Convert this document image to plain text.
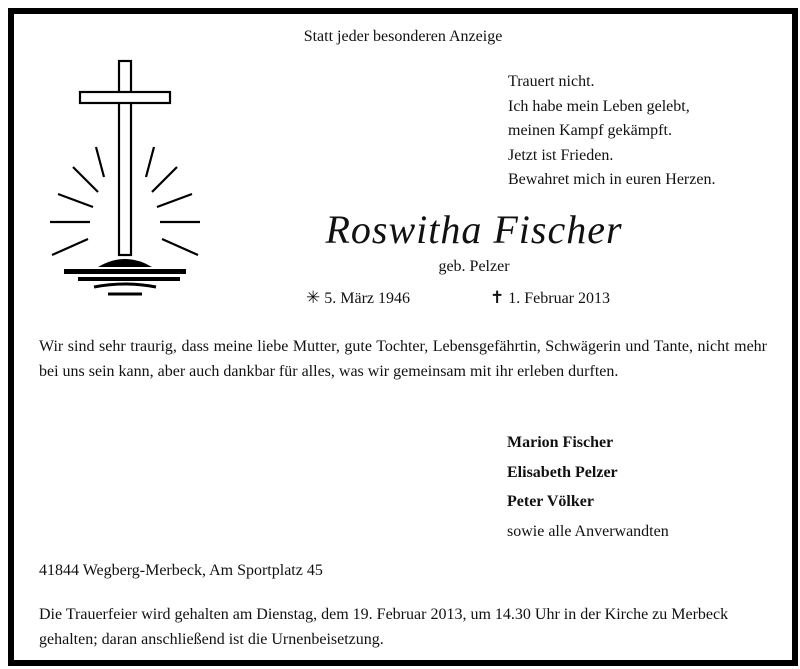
Statt jeder besonderen Anzeige
Trauert nicht.
Ich habe mein Leben gelebt,
meinen Kampf gekämpft.
Jetzt ist Frieden.
Bewahret mich in euren Herzen.
Roswitha Fischer
geb. Pelzer
✳ 5. März 1946	✝ 1. Februar 2013
Wir sind sehr traurig, dass meine liebe Mutter, gute Tochter, Lebensgefährtin, Schwägerin und Tante, nicht mehr bei uns sein kann, aber auch dankbar für alles, was wir gemeinsam mit ihr erleben durften.
Marion Fischer
Elisabeth Pelzer
Peter Völker
sowie alle Anverwandten
41844 Wegberg-Merbeck, Am Sportplatz 45
Die Trauerfeier wird gehalten am Dienstag, dem 19. Februar 2013, um 14.30 Uhr in der Kirche zu Merbeck gehalten; daran anschließend ist die Urnenbeisetzung.
